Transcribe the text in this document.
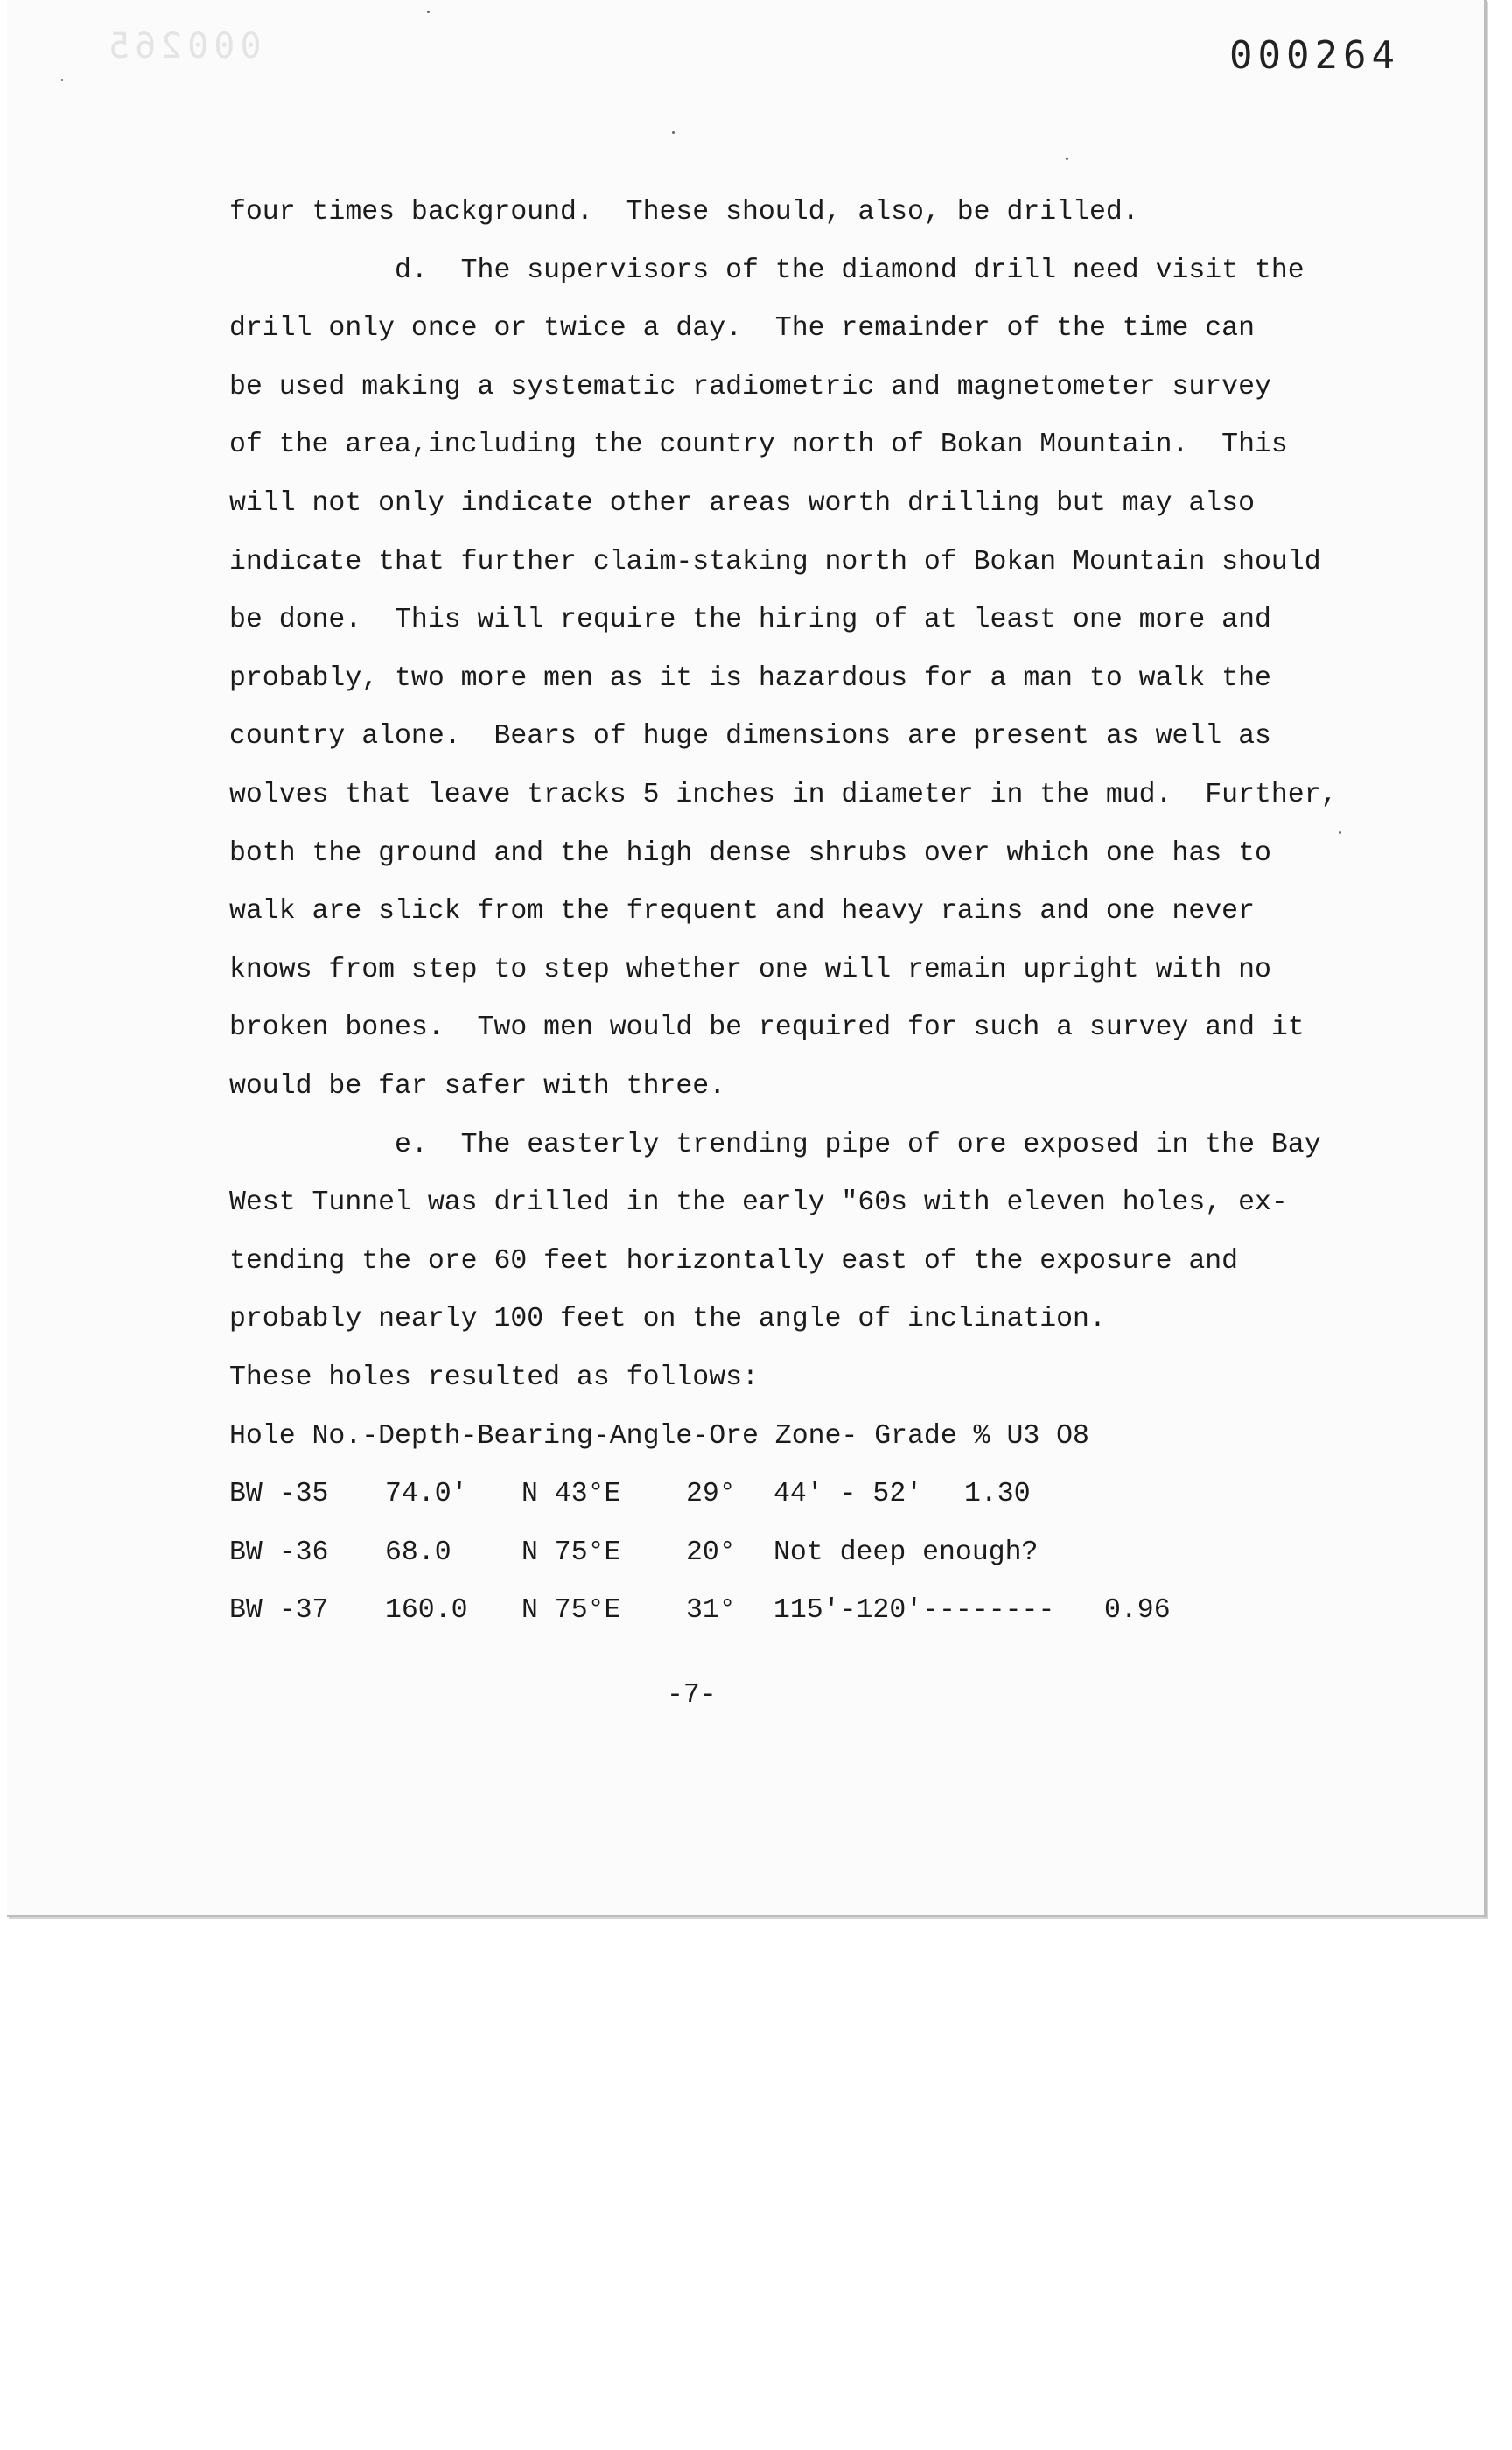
000265	000264
four times background.  These should, also, be drilled.
d.  The supervisors of the diamond drill need visit the
drill only once or twice a day.  The remainder of the time can
be used making a systematic radiometric and magnetometer survey
of the area,including the country north of Bokan Mountain.  This
will not only indicate other areas worth drilling but may also
indicate that further claim-staking north of Bokan Mountain should
be done.  This will require the hiring of at least one more and
probably, two more men as it is hazardous for a man to walk the
country alone.  Bears of huge dimensions are present as well as
wolves that leave tracks 5 inches in diameter in the mud.  Further,
both the ground and the high dense shrubs over which one has to
walk are slick from the frequent and heavy rains and one never
knows from step to step whether one will remain upright with no
broken bones.  Two men would be required for such a survey and it
would be far safer with three.
e.  The easterly trending pipe of ore exposed in the Bay
West Tunnel was drilled in the early "60s with eleven holes, ex-
tending the ore 60 feet horizontally east of the exposure and
probably nearly 100 feet on the angle of inclination.
These holes resulted as follows:
Hole No.-Depth-Bearing-Angle-Ore Zone- Grade % U3 O8
BW -35 74.0' N 43°E 29° 44' - 52' 1.30
BW -36 68.0	N 75°E 20° Not deep enough?
BW -37 160.0 N 75°E 31° 115'-120'-------- 0.96
-7-
